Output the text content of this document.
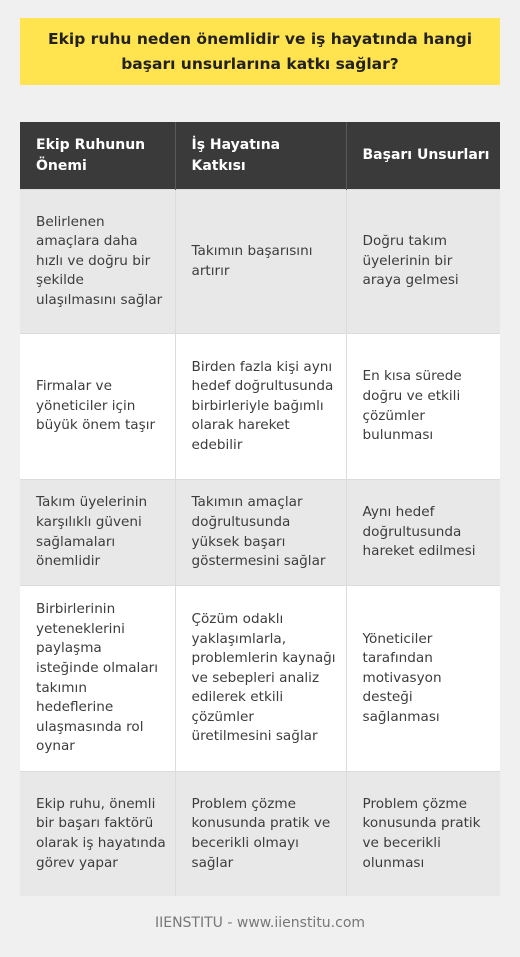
Ekip ruhu neden önemlidir ve iş hayatında hangi başarı unsurlarına katkı sağlar?
Ekip Ruhunun Önemi	İş Hayatına Katkısı	Başarı Unsurları
Belirlenen amaçlara daha hızlı ve doğru bir şekilde ulaşılmasını sağlar	Takımın başarısını artırır	Doğru takım üyelerinin bir araya gelmesi
Firmalar ve yöneticiler için büyük önem taşır	Birden fazla kişi aynı hedef doğrultusunda birbirleriyle bağımlı olarak hareket edebilir	En kısa sürede doğru ve etkili çözümler bulunması
Takım üyelerinin karşılıklı güveni sağlamaları önemlidir	Takımın amaçlar doğrultusunda yüksek başarı göstermesini sağlar	Aynı hedef doğrultusunda hareket edilmesi
Birbirlerinin yeteneklerini paylaşma isteğinde olmaları takımın hedeflerine ulaşmasında rol oynar	Çözüm odaklı yaklaşımlarla, problemlerin kaynağı ve sebepleri analiz edilerek etkili çözümler üretilmesini sağlar	Yöneticiler tarafından motivasyon desteği sağlanması
Ekip ruhu, önemli bir başarı faktörü olarak iş hayatında görev yapar	Problem çözme konusunda pratik ve becerikli olmayı sağlar	Problem çözme konusunda pratik ve becerikli olunması
IIENSTITU - www.iienstitu.com
